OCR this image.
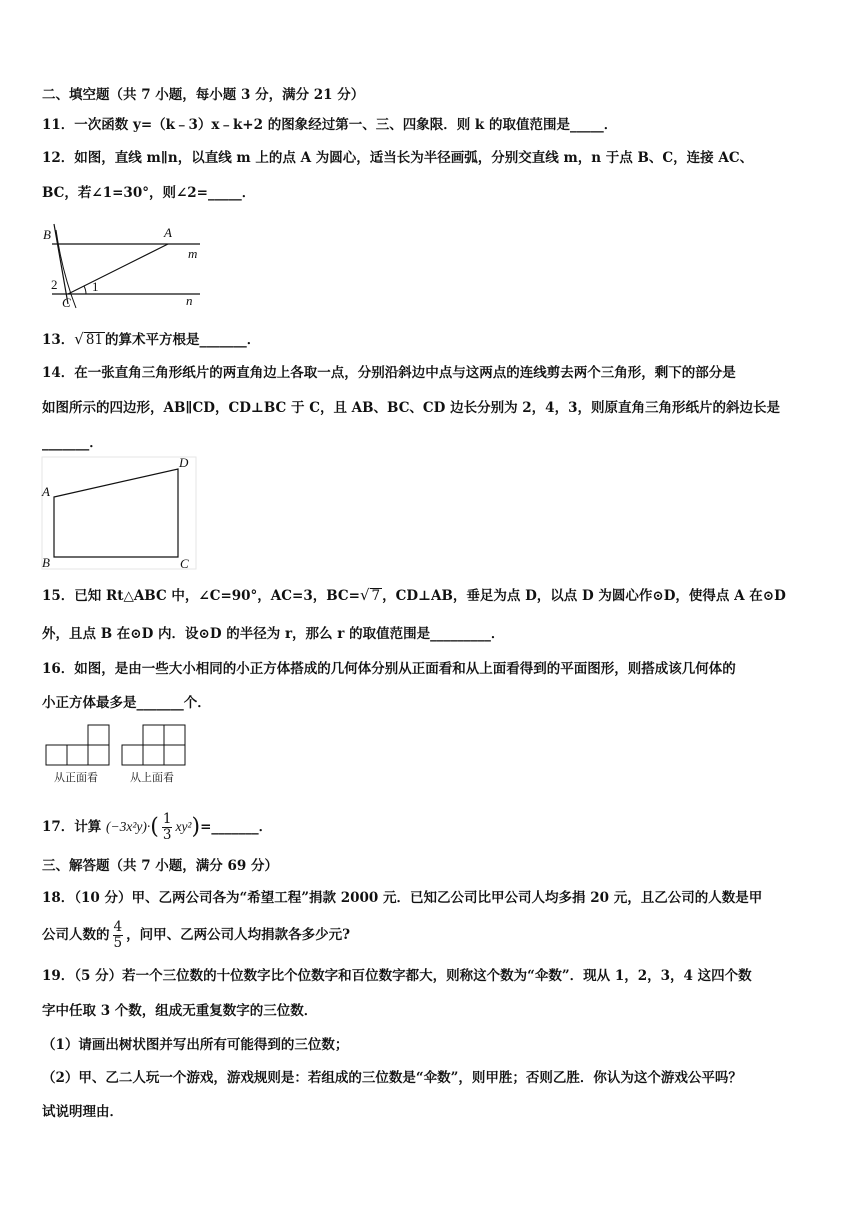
二、填空题（共 7 小题，每小题 3 分，满分 21 分）
11．一次函数 y=（k﹣3）x﹣k+2 的图象经过第一、三、四象限．则 k 的取值范围是_____．
12．如图，直线 m∥n，以直线 m 上的点 A 为圆心，适当长为半径画弧，分别交直线 m，n 于点 B、C，连接 AC、
BC，若∠1=30°，则∠2=_____．
B	A
m
2
C
1
n
13．√ 81 的算术平方根是_______．
14．在一张直角三角形纸片的两直角边上各取一点，分别沿斜边中点与这两点的连线剪去两个三角形，剩下的部分是
如图所示的四边形，AB∥CD，CD⊥BC 于 C，且 AB、BC、CD 边长分别为 2，4，3，则原直角三角形纸片的斜边长是
_______．
A
B	C
D
15．已知 Rt△ABC 中，∠C=90°，AC=3，BC=√ 7 ，CD⊥AB，垂足为点 D，以点 D 为圆心作⊙D，使得点 A 在⊙D
外，且点 B 在⊙D 内．设⊙D 的半径为 r，那么 r 的取值范围是_________．
16．如图，是由一些大小相同的小正方体搭成的几何体分别从正面看和从上面看得到的平面图形，则搭成该几何体的
小正方体最多是_______个．
从正面看	从上面看
17．计算 $(-3x^2y)\cdot( \frac{1}{3}$ xy²)=_______．
三、解答题（共 7 小题，满分 69 分）
18．（10 分）甲、乙两公司各为“希望工程”捐款 2000 元．已知乙公司比甲公司人均多捐 20 元，且乙公司的人数是甲
公司人数的 $\frac{4}{5}$ ，问甲、乙两公司人均捐款各多少元?
19．（5 分）若一个三位数的十位数字比个位数字和百位数字都大，则称这个数为“伞数”．现从 1，2，3，4 这四个数
字中任取 3 个数，组成无重复数字的三位数．
（1）请画出树状图并写出所有可能得到的三位数；
（2）甲、乙二人玩一个游戏，游戏规则是：若组成的三位数是“伞数”，则甲胜；否则乙胜．你认为这个游戏公平吗？
试说明理由．
